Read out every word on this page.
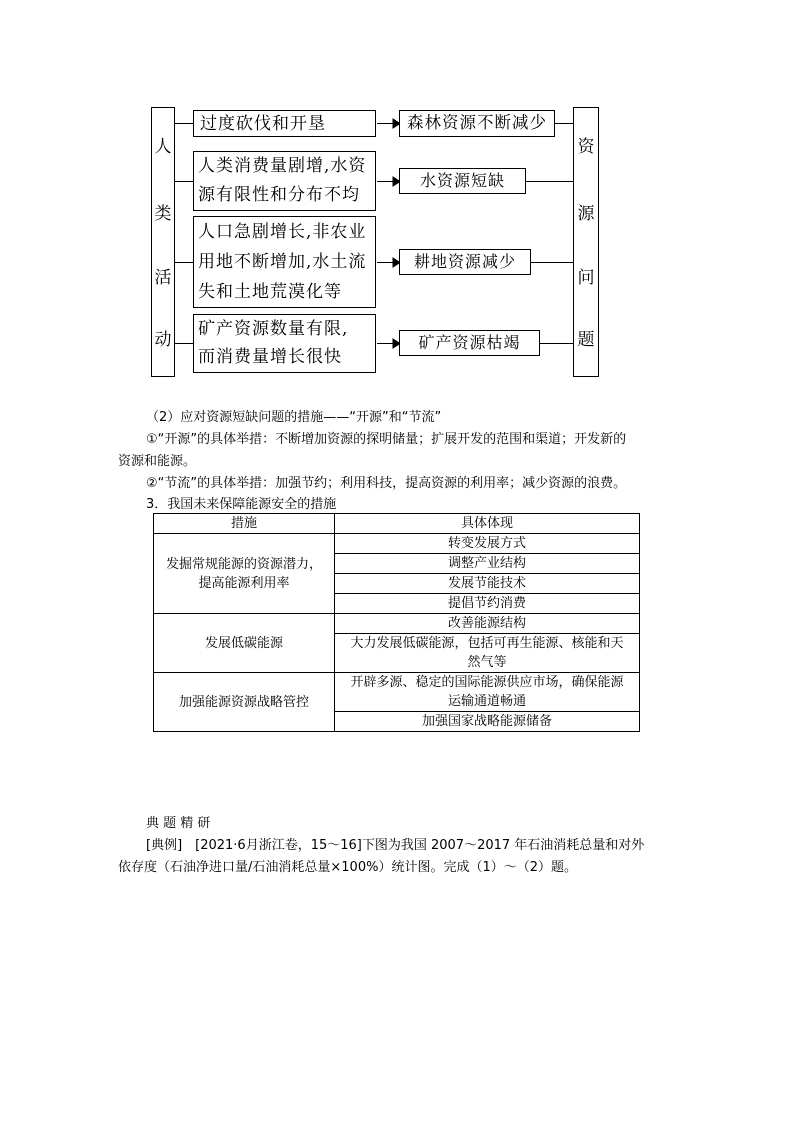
人
类
活
动
资
源
问
题
过度砍伐和开垦
人类消费量剧增,水资
源有限性和分布不均
人口急剧增长,非农业
用地不断增加,水土流
失和土地荒漠化等
矿产资源数量有限,
而消费量增长很快
森林资源不断减少
水资源短缺
耕地资源减少
矿产资源枯竭
（2）应对资源短缺问题的措施——“开源”和“节流”
①“开源”的具体举措：不断增加资源的探明储量；扩展开发的范围和渠道；开发新的
资源和能源。
②“节流”的具体举措：加强节约；利用科技，提高资源的利用率；减少资源的浪费。
3．我国未来保障能源安全的措施
措施	具体体现

发掘常规能源的资源潜力，
提高能源利用率	转变发展方式
	调整产业结构
	发展节能技术
	提倡节约消费
发展低碳能源	改善能源结构

	大力发展低碳能源，包括可再生能源、核能和天
然气等

加强能源资源战略管控	开辟多源、稳定的国际能源供应市场，确保能源
运输通道畅通

	加强国家战略能源储备
典 题 精 研
[典例]　[2021·6月浙江卷，15～16]下图为我国 2007～2017 年石油消耗总量和对外
依存度（石油净进口量/石油消耗总量×100%）统计图。完成（1）～（2）题。
